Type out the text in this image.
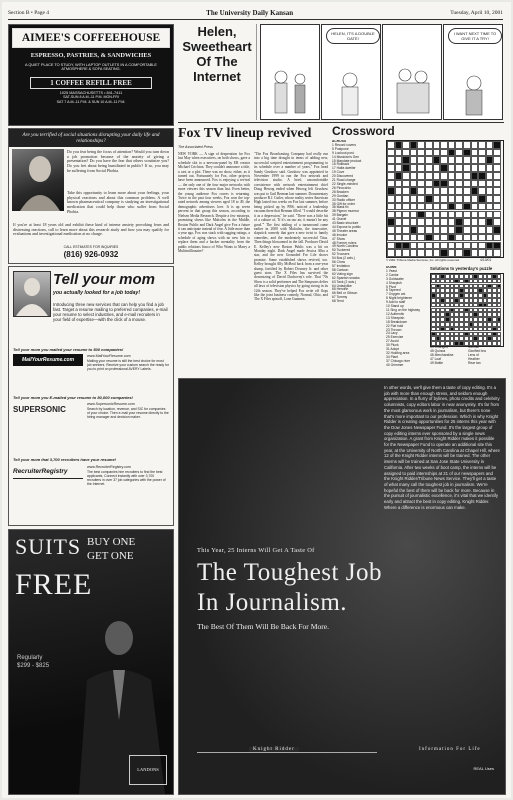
Section B • Page 4	The University Daily Kansan	Tuesday, April 10, 2001
AIMEE'S COFFEEHOUSE
ESPRESSO, PASTRIES, & SANDWICHES
A QUIET PLACE TO STUDY, WITH LAPTOP OUTLETS IN A COMFORTABLE ATMOSPHERE & SOFA SEATING.
1 COFFEE REFILL FREE
1025 MASSACHUSETTS • 841-7411
SAT-SUN 8 A.M.-11 P.M. MON-FRI
SAT 7 A.M.-11 P.M. & SUN 10 A.M.-11 P.M.
Are you terrified of social situations disrupting your daily life and relationships?
Do you fear being the focus of attention? Would you turn down a job promotion because of the anxiety of giving a presentation? Do you have the fear that others scrutinize you? Do you fret about being humiliated in public? If so, you may be suffering from Social Phobia.
Take this opportunity to learn more about your feelings, your physical reactions and about this common problem. A well known pharmaceutical company is studying an investigational medication that could help those who suffer from Social Phobia.
If you're at least 18 years old and exhibit these kind of intense anxiety provoking fears and distressing reactions, call to learn more about this research study and how you may qualify for evaluations and investigational medication at no charge.
CALL ESTIMATES FOR INQUIRIES
(816) 926-0932
Tell your mom
you actually looked for a job today!
Introducing three new services that can help you find a job fast. Target a resume mailing to preferred companies, e-mail your resume to select industries, and e-mail recruiters in your field of expertise—with the click of a mouse.
Tell your mom you mailed your resume to 500 companies!
MailYourResume.com
www.MailYourResume.com
Mailing your resume is still the best choice for most job seekers. Receive your custom search the ready for you to print on professional AVERY Labels.
Tell your mom you E-mailed your resume to 80,000 companies!
SUPERSONIC
www.SupersonicResume.com
Search by location, revenue, and SIC for companies of your choice. Then e-mail your resume directly to the hiring manager and decision maker.
Tell your mom that 3,700 recruiters have your resume!
RecruiterRegistry
www.RecruiterRegistry.com
The best companies hire recruiters to find the best applicants. Connect instantly with over 3,700 recruiters in over 37 job categories with the power of the Internet.
SUITS BUY ONE
GET ONE
FREE
Regularly
$299 - $825
LANDONS
Helen, Sweetheart Of The Internet
HELEN, IT'S A DOUBLE DATE!
I WANT NEXT TIME TO GIVE IT A TRY!
Fox TV lineup revived
The Associated Press
NEW YORK — A sign of desperation for Fox last May when executives, on both shows, gave a schedule slot to a nervous-panel by ER creator Michael Crichton. They couldn't announce a title, a cast or a plot. There was no show, either, as it turned out. Fortunately for Fox, other projects have been announced. Fox is enjoying a revival — the only one of the four major networks with more viewers this season than last. Even better, the young audience Fox craves is returning. Twice in the past four weeks, Fox won the top-rated network among viewers aged 18 to 49, the demographic advertisers love. It is up seven percent in that group this season, according to Nielsen Media Research. Despite a few missteps, promising shows like Malcolm in the Middle, Boston Public and Dark Angel give Fox a future it can anticipate instead of fear. A little more than a year ago, Fox was stuck with sagging ratings, a schedule of aging shows with no new hits to replace them and a backer mentality from the public relations fiasco of Who Wants to Marry a Multimillionaire?
"The Fox Broadcasting Company had really run into a big time drought in terms of adding new, successful scripted entertainment programming to its schedule over a number of years," Fox head Sandy Grushow said. Grushow was appointed in November 1999 to run the Fox network and television studio. A brief, uncomfortable coexistence with network entertainment chief Doug Herzog ended when Herzog left Grushow was put to Gail Berman last summer. Documentary producer R.J. Cutler, whose reality series American High lasted two weeks on Fox last summer, before being picked up by PBS, noticed a leadership vacuum there that Berman filled. "I would describe it as a depression," he said. "There was a little bit of a culture of, 'If it's on our air, it mustn't be any good.'" The first inkling of a turnaround came earlier in 2000 with Malcolm, the innovative, slapstick comedy that gave a new twist to family comedies, and the moderately successful Titus. Then things blossomed in the fall. Producer David E. Kelley's new Boston Public was a hit on Monday night. Dark Angel made Jessica Alba a star, and the new Grounded For Life shows promise. Some established shows revived, too. Kelley brought Ally McBeal back from a one-year slump, fortified by Robert Downey Jr. and other guest stars. The X Files has survived the downsizing of David Duchovny's role. That '70s Show is a solid performer and The Simpsons defies all laws of television physics by going strong in its 12th season. They've helped Fox write off flops like the joint business comedy, Normal, Ohio, and The X Files spinoff, Lone Gunmen.
Crossword
ACROSS
1 Record covers
5 Postpone
9 Lookout post
14 Musician's Gen
15 Mandate product
16 Rollback
17 Haifa dweller
19 Cove
20 Discovered
21 Road charge
22 Single-minded
26 Pinocchio
28 Bracken
29 Gordian
33 Radio officer
35 Gift for order
36 Mask fix
38 Pigeon murmur
39 Bargain
41 Gravel
43 Basic structure
44 Expose to public
45 Theater areas
46 Invoice
47 Show
48 Former rulers
49 North Carolina
50 Tuckered
52 Trousers
54 Bus (2 wds.)
56 Chow
57 Invitation
58 Cartoon
60 Voting sign
62 Spanish snacks
63 Tank (2 wds.)
64 Unladylike
65 Heroine
66 Bell or Gibson
67 Tommy
68 Tend
© 2001 Tribune Media Services, Inc. All rights reserved.	4/10/01
DOWN
1 Yeast
2 Cantor
3 Goldwater
4 Sharpish
5 Pivot
6 Tapered
7 Oxygen wd.
8 Night brightener
9 Add to staff
10 Stand up
11 Sing on the highway
12 Authentic
13 Sheepish
18 Breakdown
22 Flat hold
23 Thrown
24 Lacy
25 Exercise
27 Avoid
30 Pluck
31 Adopt
32 Holding area
34 Plant
37 Chicago river
40 Grimmer
Solutions to yesterday's puzzle
44 Changed
45 Quinoa
46 Merchandise
47 Loaf
49 Bottle
Sunrise
Glorified tea
Lens of
Heather
Rear tan
This Year, 25 Interns Will Get A Taste Of
The Toughest Job
In Journalism.
The Best Of Them Will Be Back For More.
In other words, we'll give them a taste of copy editing. It's a job with more than enough stress, and seldom enough appreciation. In a flurry of bylines, photo credits and celebrity columnists, copy editors labor in near anonymity. It's far from the most glamorous work in journalism, but there's none that's more important to our profession. Which is why Knight Ridder is creating opportunities for 25 interns this year with the Dow Jones Newspaper Fund. It's the largest group of copy editing interns ever sponsored by a single news organization. A grant from Knight Ridder makes it possible for the Newspaper Fund to operate an additional site this year, at the University of North Carolina at Chapel Hill, where 12 of the Knight Ridder interns will be trained. The other interns will be trained at San Jose State University in California. After two weeks of boot camp, the interns will be assigned to paid internships at 21 of our newspapers and the Knight Ridder/Tribune News Service. They'll get a taste of what many call the toughest job in journalism. We're hopeful the best of them will be back for more. Because in the pursuit of journalistic excellence, it's vital that we identify early and attract the best in copy editing. Knight Ridder. Where a difference is enormous can make.
Knight Ridder	Information For Life
REAL Uses
